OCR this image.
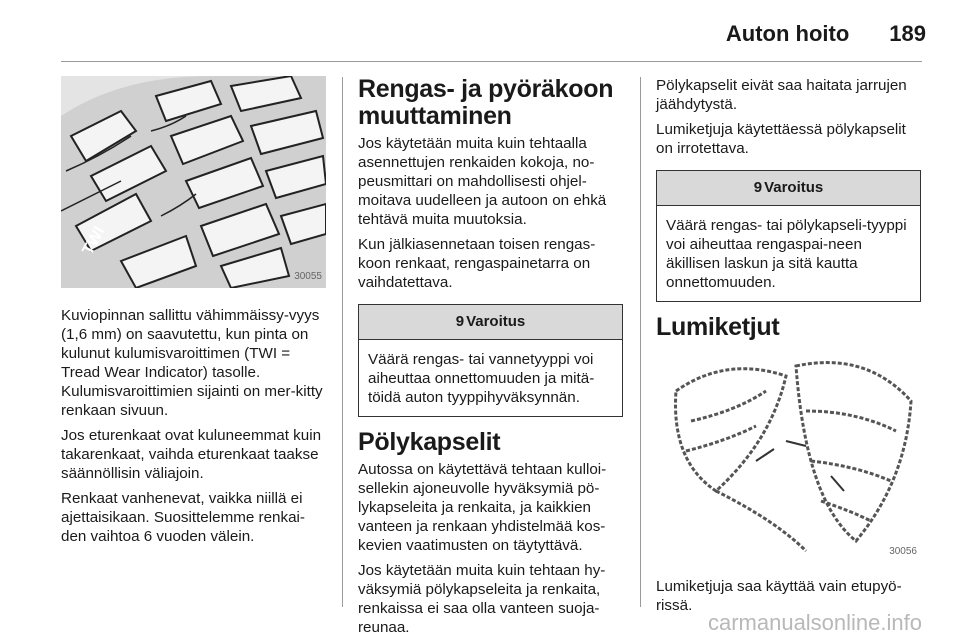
Auton hoito 189
TWI
30055

Kuviopinnan sallittu vähimmäissy-vyys (1,6 mm) on saavutettu, kun pinta on kulunut kulumisvaroittimen (TWI = Tread Wear Indicator) tasolle. Kulumisvaroittimien sijainti on mer-kitty renkaan sivuun.

Jos eturenkaat ovat kuluneemmat kuin takarenkaat, vaihda eturenkaat taakse säännöllisin väliajoin.

Renkaat vanhenevat, vaikka niillä ei ajettaisikaan. Suosittelemme renkai-den vaihtoa 6 vuoden välein.

Rengas- ja pyöräkoon muuttaminen

Jos käytetään muita kuin tehtaalla asennettujen renkaiden kokoja, no-peusmittari on mahdollisesti ohjel-moitava uudelleen ja autoon on ehkä tehtävä muita muutoksia.

Kun jälkiasennetaan toisen rengas-koon renkaat, rengaspainetarra on vaihdatettava.

9 Varoitus
Väärä rengas- tai vannetyyppi voi aiheuttaa onnettomuuden ja mitä-töidä auton tyyppihyväksynnän.
Pölykapselit

Autossa on käytettävä tehtaan kulloi-sellekin ajoneuvolle hyväksymiä pö-lykapseleita ja renkaita, ja kaikkien vanteen ja renkaan yhdistelmää kos-kevien vaatimusten on täytyttävä.

Jos käytetään muita kuin tehtaan hy-väksymiä pölykapseleita ja renkaita, renkaissa ei saa olla vanteen suoja-reunaa.

Pölykapselit eivät saa haitata jarrujen jäähdytystä.

Lumiketjuja käytettäessä pölykapselit on irrotettava.

9 Varoitus
Väärä rengas- tai pölykapseli-tyyppi voi aiheuttaa rengaspai-neen äkillisen laskun ja sitä kautta onnettomuuden.
Lumiketjut
30056

Lumiketjuja saa käyttää vain etupyö-rissä.

carmanualsonline.info
